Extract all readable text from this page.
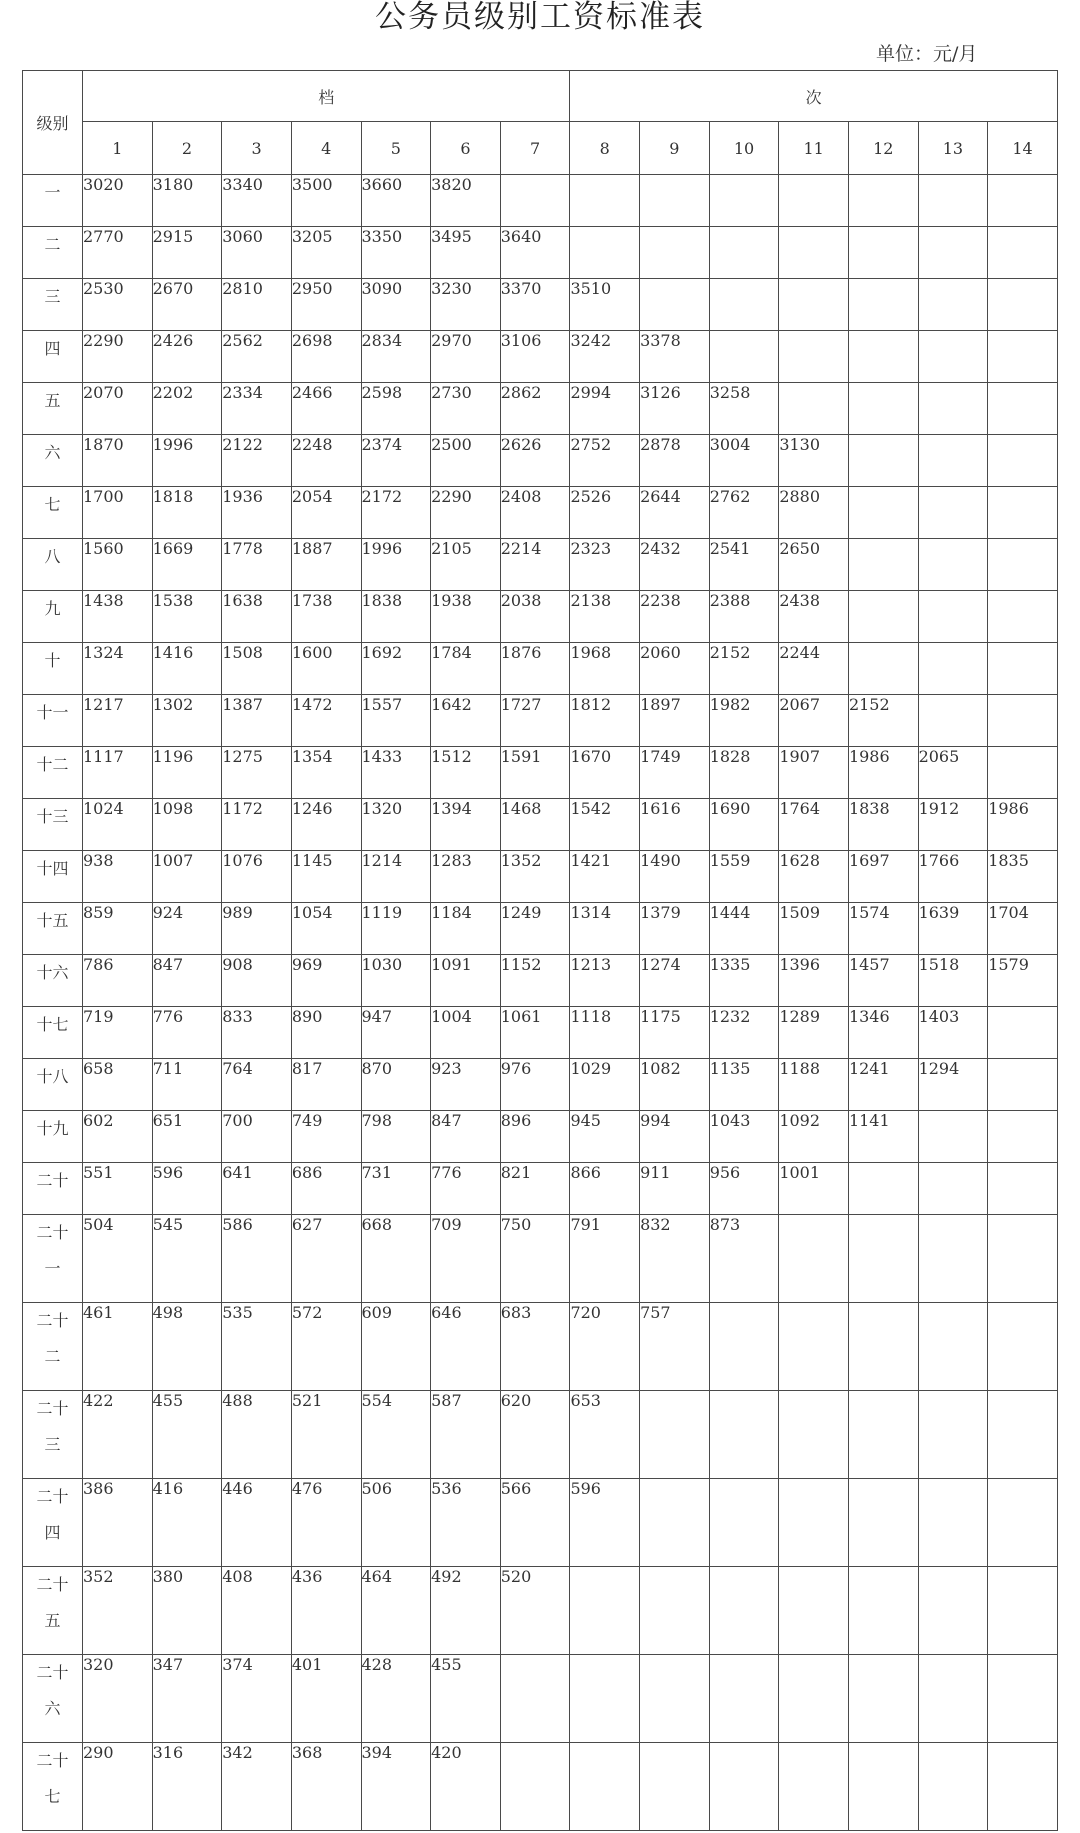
公务员级别工资标准表
单位：元/月
级别	档							次						
	1	2	3	4	5	6	7	8	9	10	11	12	13	14
一	3020	3180	3340	3500	3660	3820								
二	2770	2915	3060	3205	3350	3495	3640							
三	2530	2670	2810	2950	3090	3230	3370	3510						
四	2290	2426	2562	2698	2834	2970	3106	3242	3378					
五	2070	2202	2334	2466	2598	2730	2862	2994	3126	3258				
六	1870	1996	2122	2248	2374	2500	2626	2752	2878	3004	3130			
七	1700	1818	1936	2054	2172	2290	2408	2526	2644	2762	2880			
八	1560	1669	1778	1887	1996	2105	2214	2323	2432	2541	2650			
九	1438	1538	1638	1738	1838	1938	2038	2138	2238	2388	2438			
十	1324	1416	1508	1600	1692	1784	1876	1968	2060	2152	2244			
十一	1217	1302	1387	1472	1557	1642	1727	1812	1897	1982	2067	2152		
十二	1117	1196	1275	1354	1433	1512	1591	1670	1749	1828	1907	1986	2065	
十三	1024	1098	1172	1246	1320	1394	1468	1542	1616	1690	1764	1838	1912	1986
十四	938	1007	1076	1145	1214	1283	1352	1421	1490	1559	1628	1697	1766	1835
十五	859	924	989	1054	1119	1184	1249	1314	1379	1444	1509	1574	1639	1704
十六	786	847	908	969	1030	1091	1152	1213	1274	1335	1396	1457	1518	1579
十七	719	776	833	890	947	1004	1061	1118	1175	1232	1289	1346	1403	
十八	658	711	764	817	870	923	976	1029	1082	1135	1188	1241	1294	
十九	602	651	700	749	798	847	896	945	994	1043	1092	1141		
二十	551	596	641	686	731	776	821	866	911	956	1001			
二十一	504	545	586	627	668	709	750	791	832	873				
二十二	461	498	535	572	609	646	683	720	757					
二十三	422	455	488	521	554	587	620	653						
二十四	386	416	446	476	506	536	566	596						
二十五	352	380	408	436	464	492	520							
二十六	320	347	374	401	428	455								
二十七	290	316	342	368	394	420								
